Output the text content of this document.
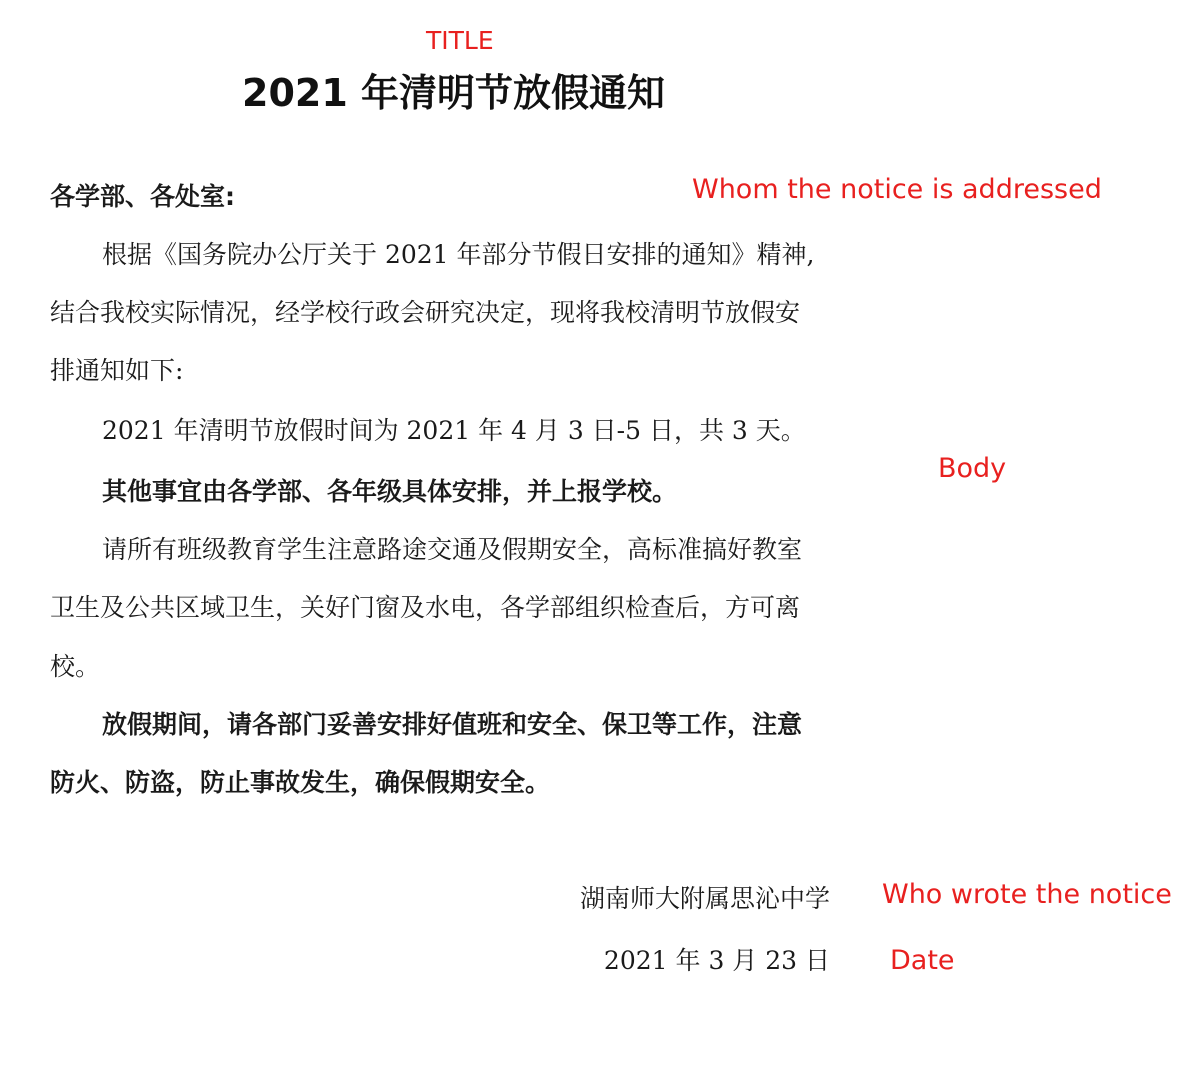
TITLE
2021 年清明节放假通知
各学部、各处室:	Whom the notice is addressed
根据《国务院办公厅关于 2021 年部分节假日安排的通知》精神,
结合我校实际情况，经学校行政会研究决定，现将我校清明节放假安
排通知如下:
2021 年清明节放假时间为 2021 年 4 月 3 日-5 日，共 3 天。
其他事宜由各学部、各年级具体安排，并上报学校。
Body
请所有班级教育学生注意路途交通及假期安全，高标准搞好教室
卫生及公共区域卫生，关好门窗及水电，各学部组织检查后，方可离
校。
放假期间，请各部门妥善安排好值班和安全、保卫等工作，注意
防火、防盗，防止事故发生，确保假期安全。
湖南师大附属思沁中学 Who wrote the notice
2021 年 3 月 23 日 Date
